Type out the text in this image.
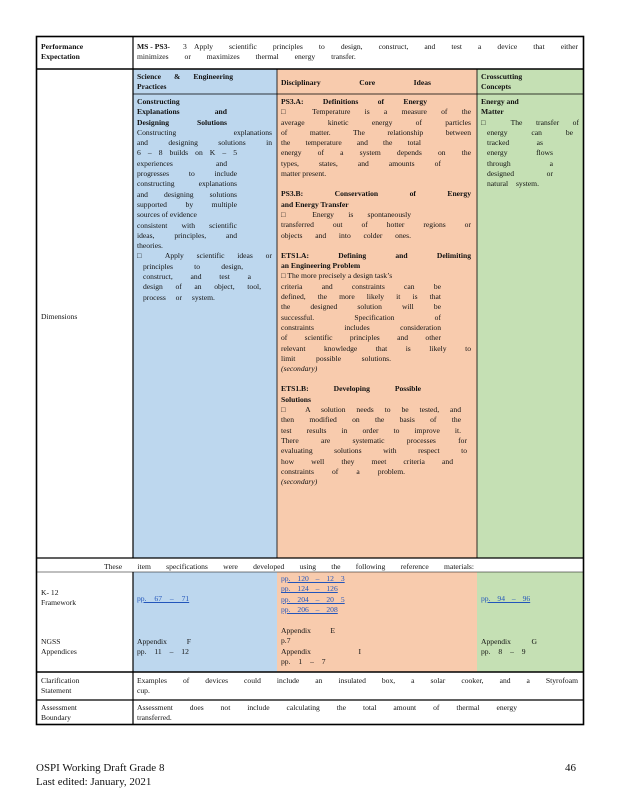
Performance
Expectation
MS - PS3- 3 Apply scientific principles to design, construct, and test a device that either
minimizes or maximizes thermal energy transfer.
Science & Engineering
Practices	Disciplinary Core Ideas
Crosscutting
Concepts
Dimensions
Constructing
Explanations and
Designing Solutions
Constructing explanations
and designing solutions in
6 – 8 builds on K – 5
experiences and
progresses to include
constructing explanations
and designing solutions
supported by multiple
sources of evidence
consistent with scientific
ideas, principles, and
theories.
□ Apply scientific ideas or
principles to design,
construct, and test a
design of an object, tool,
process or system.
PS3.A: Definitions of Energy
□ Temperature is a measure of the
average kinetic energy of particles
of matter. The relationship between
the temperature and the total
energy of a system depends on the
types, states, and amounts of
matter present.
PS3.B: Conservation of Energy
and Energy Transfer
□ Energy is spontaneously
transferred out of hotter regions or
objects and into colder ones.
ETS1.A: Defining and Delimiting
an Engineering Problem
□ The more precisely a design task’s
criteria and constraints can be
defined, the more likely it is that
the designed solution will be
successful. Specification of
constraints includes consideration
of scientific principles and other
relevant knowledge that is likely to
limit possible solutions.
(secondary)
ETS1.B: Developing Possible
Solutions
□ A solution needs to be tested, and
then modified on the basis of the
test results in order to improve it.
There are systematic processes for
evaluating solutions with respect to
how well they meet criteria and
constraints of a problem.
(secondary)
Energy and
Matter
□ The transfer of
energy can be
tracked as
energy flows
through a
designed or
natural system.
These item specifications were developed using the following reference materials:
K- 12
Framework	pp. 67 – 71
pp. 120 – 12 3
pp. 124 – 126
pp. 204 – 20 5
pp. 206 – 208
pp. 94 – 96
NGSS
Appendices
Appendix F
pp. 11 – 12
Appendix E
p.7
Appendix I
pp. 1 – 7
Appendix G
pp. 8 – 9
Clarification
Statement
Examples of devices could include an insulated box, a solar cooker, and a Styrofoam
cup.
Assessment
Boundary
Assessment does not include calculating the total amount of thermal energy
transferred.
OSPI Working Draft Grade 8
Last edited: January, 2021
46
